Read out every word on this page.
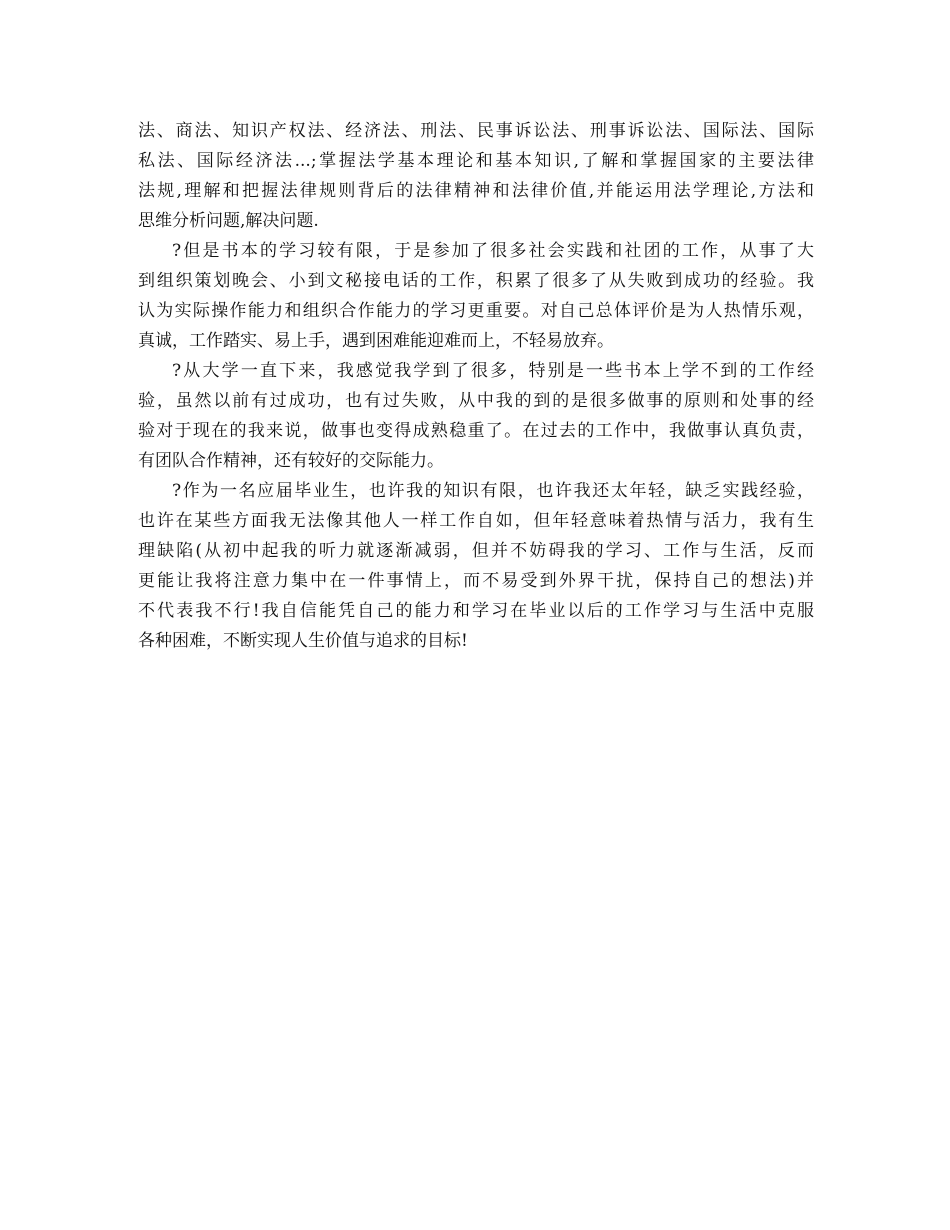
法、商法、知识产权法、经济法、刑法、民事诉讼法、刑事诉讼法、国际法、国际
私法、国际经济法...;掌握法学基本理论和基本知识,了解和掌握国家的主要法律
法规,理解和把握法律规则背后的法律精神和法律价值,并能运用法学理论,方法和
思维分析问题,解决问题.
?但是书本的学习较有限，于是参加了很多社会实践和社团的工作，从事了大
到组织策划晚会、小到文秘接电话的工作，积累了很多了从失败到成功的经验。我
认为实际操作能力和组织合作能力的学习更重要。对自己总体评价是为人热情乐观，
真诚，工作踏实、易上手，遇到困难能迎难而上，不轻易放弃。
?从大学一直下来，我感觉我学到了很多，特别是一些书本上学不到的工作经
验，虽然以前有过成功，也有过失败，从中我的到的是很多做事的原则和处事的经
验对于现在的我来说，做事也变得成熟稳重了。在过去的工作中，我做事认真负责，
有团队合作精神，还有较好的交际能力。
?作为一名应届毕业生，也许我的知识有限，也许我还太年轻，缺乏实践经验，
也许在某些方面我无法像其他人一样工作自如，但年轻意味着热情与活力，我有生
理缺陷(从初中起我的听力就逐渐减弱，但并不妨碍我的学习、工作与生活，反而
更能让我将注意力集中在一件事情上，而不易受到外界干扰，保持自己的想法)并
不代表我不行!我自信能凭自己的能力和学习在毕业以后的工作学习与生活中克服
各种困难，不断实现人生价值与追求的目标!
